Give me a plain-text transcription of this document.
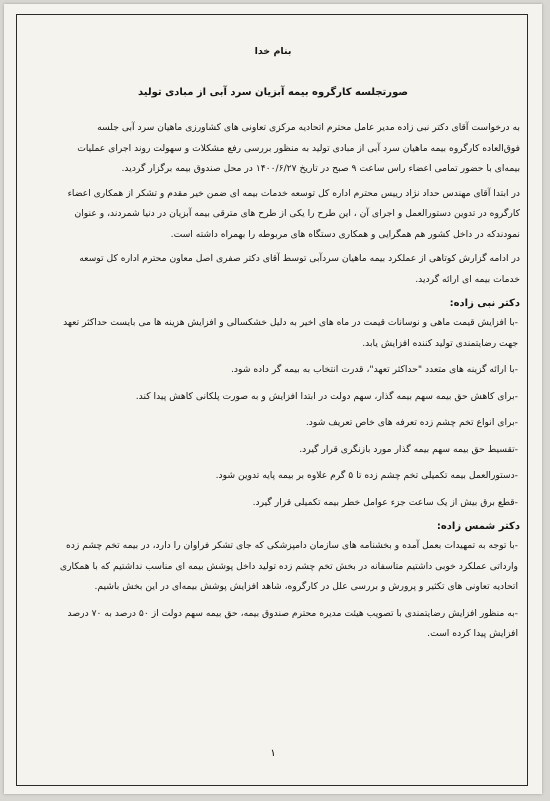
بنام خدا
صورتجلسه کارگروه بیمه آبزیان سرد آبی از مبادی تولید
به درخواست آقای دکتر نبی زاده مدیر عامل محترم اتحادیه مرکزی تعاونی های کشاورزی ماهیان سرد آبی جلسه
فوق‌العاده کارگروه بیمه ماهیان سرد آبی از مبادی تولید به منظور بررسی رفع مشکلات و سهولت روند اجرای عملیات
بیمه‌ای با حضور تمامی اعضاء راس ساعت ۹ صبح در تاریخ ۱۴۰۰/۶/۲۷ در محل صندوق بیمه برگزار گردید.
در ابتدا آقای مهندس حداد نژاد رییس محترم اداره کل توسعه خدمات بیمه ای ضمن خیر مقدم و تشکر از همکاری اعضاء
کارگروه در تدوین دستورالعمل و اجرای آن ، این طرح را یکی از طرح های مترقی بیمه آبزیان در دنیا شمردند، و عنوان
نمودندکه در داخل کشور هم همگرایی و همکاری دستگاه های مربوطه را بهمراه داشته است.
در ادامه گزارش کوتاهی از عملکرد بیمه ماهیان سردآبی توسط آقای دکتر صفری اصل معاون محترم اداره کل توسعه
خدمات بیمه ای ارائه گردید.
دکتر نبی زاده:
-با افزایش قیمت ماهی و نوسانات قیمت در ماه های اخیر به دلیل خشکسالی و افزایش هزینه ها می بایست حداکثر تعهد
جهت رضایتمندی تولید کننده افزایش یابد.
-با ارائه گزینه های متعدد "حداکثر تعهد"، قدرت انتخاب به بیمه گر داده شود.
-برای کاهش حق بیمه سهم بیمه گذار، سهم دولت در ابتدا افزایش و به صورت پلکانی کاهش پیدا کند.
-برای انواع تخم چشم زده تعرفه های خاص تعریف شود.
-تقسیط حق بیمه سهم بیمه گذار مورد بازنگری قرار گیرد.
-دستورالعمل بیمه تکمیلی تخم چشم زده تا ۵ گرم علاوه بر بیمه پایه تدوین شود.
-قطع برق بیش از یک ساعت جزء عوامل خطر بیمه تکمیلی قرار گیرد.
دکتر شمس زاده:
-با توجه به تمهیدات بعمل آمده و بخشنامه های سازمان دامپزشکی که جای تشکر فراوان را دارد، در بیمه تخم چشم زده
وارداتی عملکرد خوبی داشتیم متاسفانه در بخش تخم چشم زده تولید داخل پوشش بیمه ای مناسب نداشتیم که با همکاری
اتحادیه تعاونی های تکثیر و پرورش و بررسی علل در کارگروه، شاهد افزایش پوشش بیمه‌ای در این بخش باشیم.
-به منظور افزایش رضایتمندی با تصویب هیئت مدیره محترم صندوق بیمه، حق بیمه سهم دولت از ۵۰ درصد به ۷۰ درصد
افزایش پیدا کرده است.
۱
